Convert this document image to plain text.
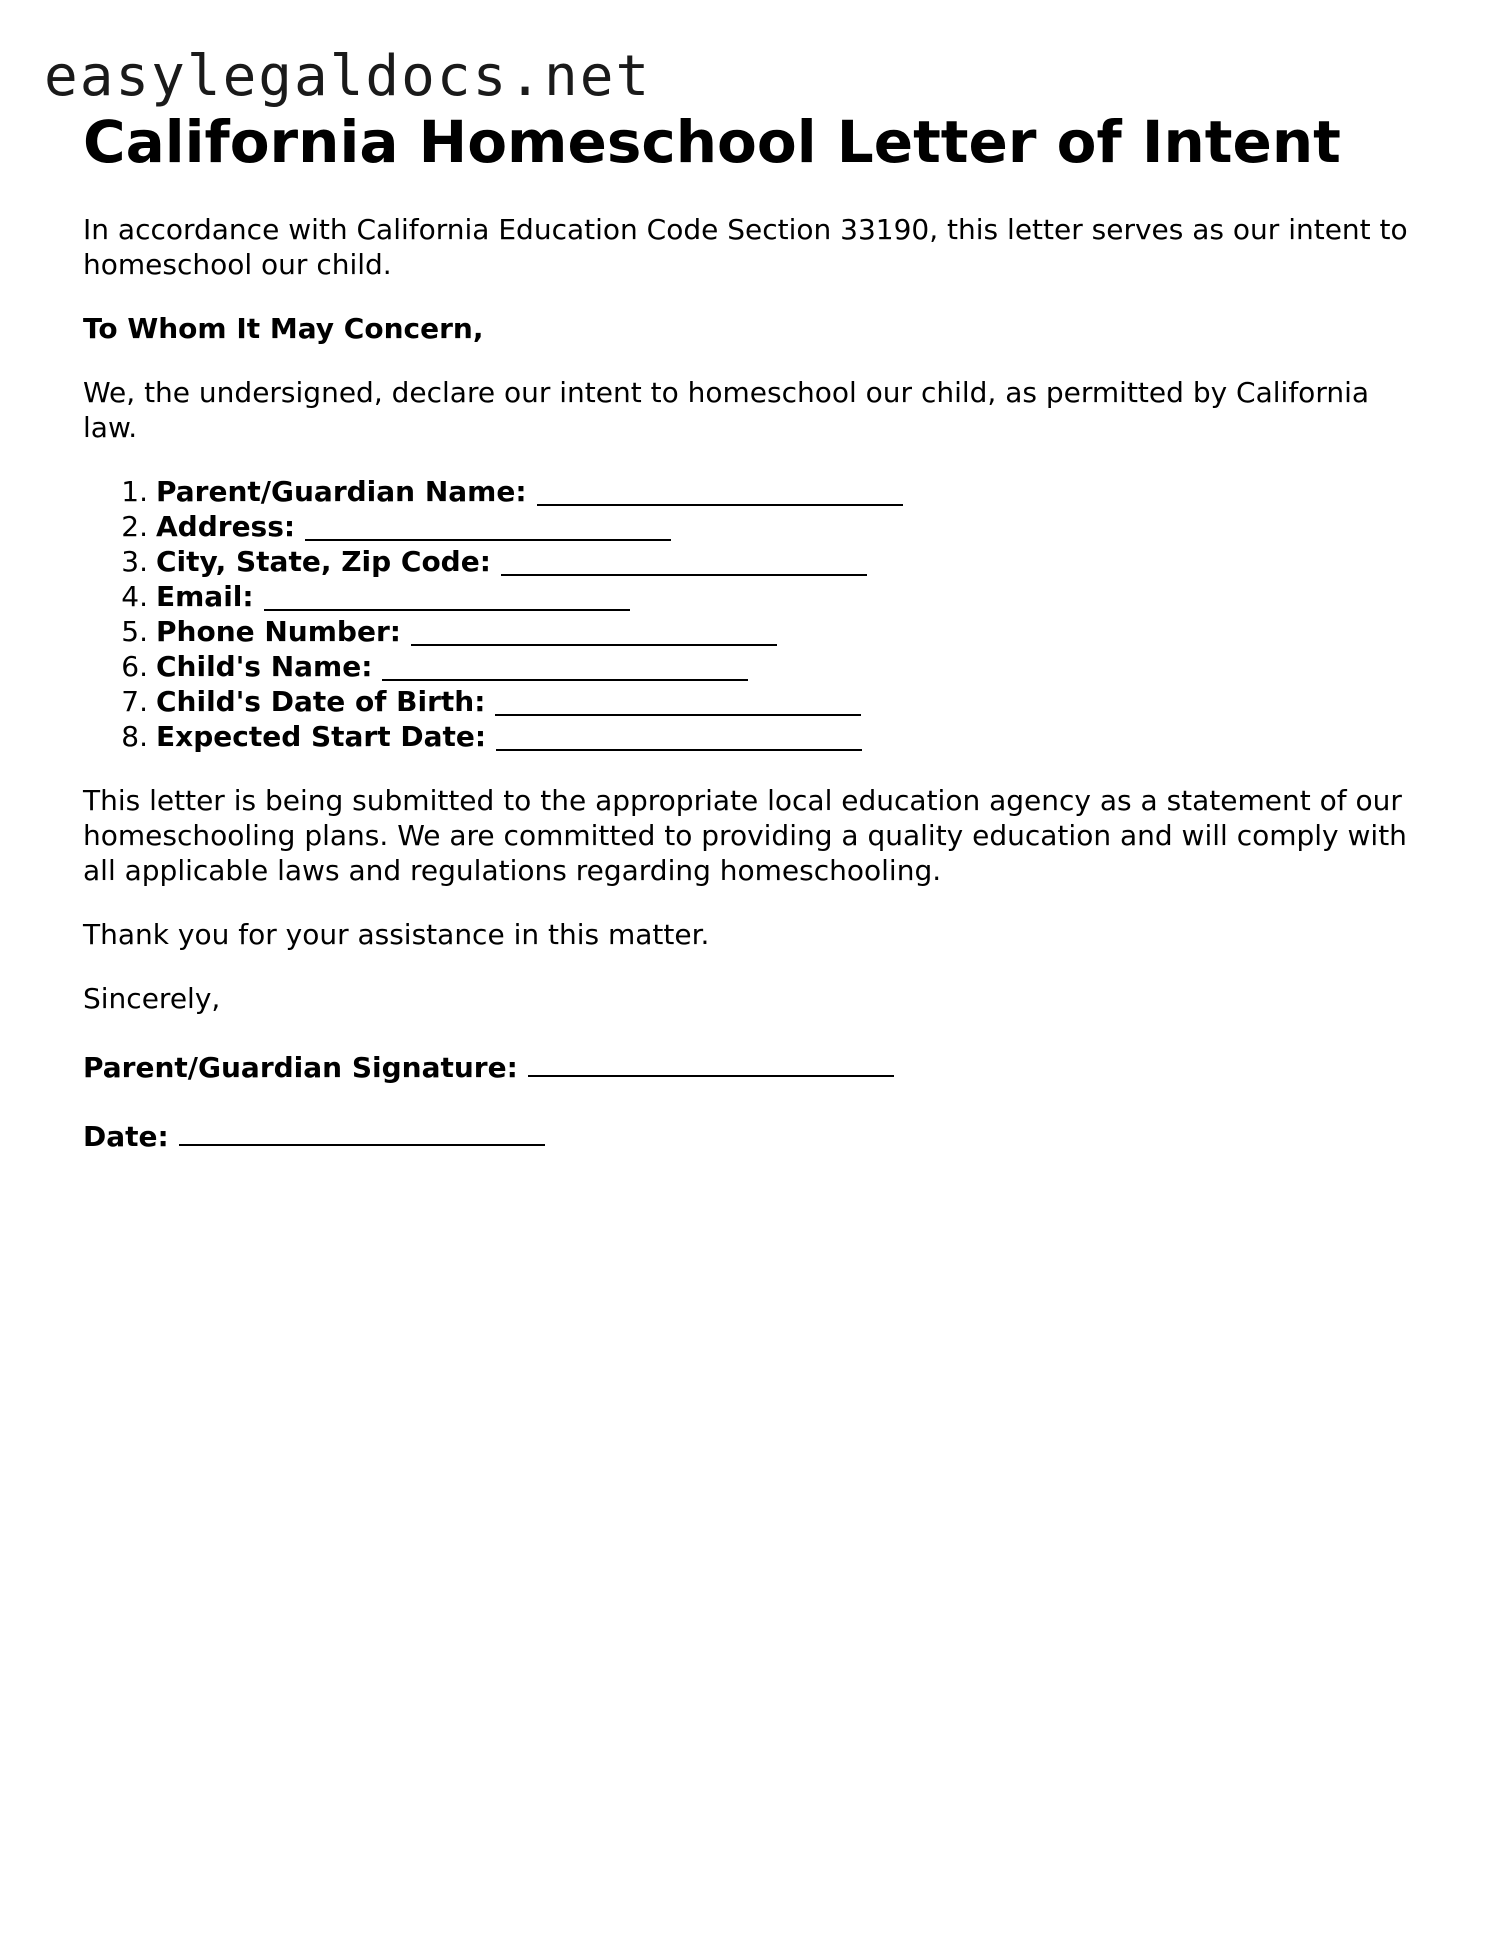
easylegaldocs.net
California Homeschool Letter of Intent

In accordance with California Education Code Section 33190, this letter serves as our intent to homeschool our child.

To Whom It May Concern,

We, the undersigned, declare our intent to homeschool our child, as permitted by California law.

1. Parent/Guardian Name:
2. Address:
3. City, State, Zip Code:
4. Email:
5. Phone Number:
6. Child's Name:
7. Child's Date of Birth:
8. Expected Start Date:

This letter is being submitted to the appropriate local education agency as a statement of our homeschooling plans. We are committed to providing a quality education and will comply with all applicable laws and regulations regarding homeschooling.

Thank you for your assistance in this matter.

Sincerely,

Parent/Guardian Signature:

Date:
